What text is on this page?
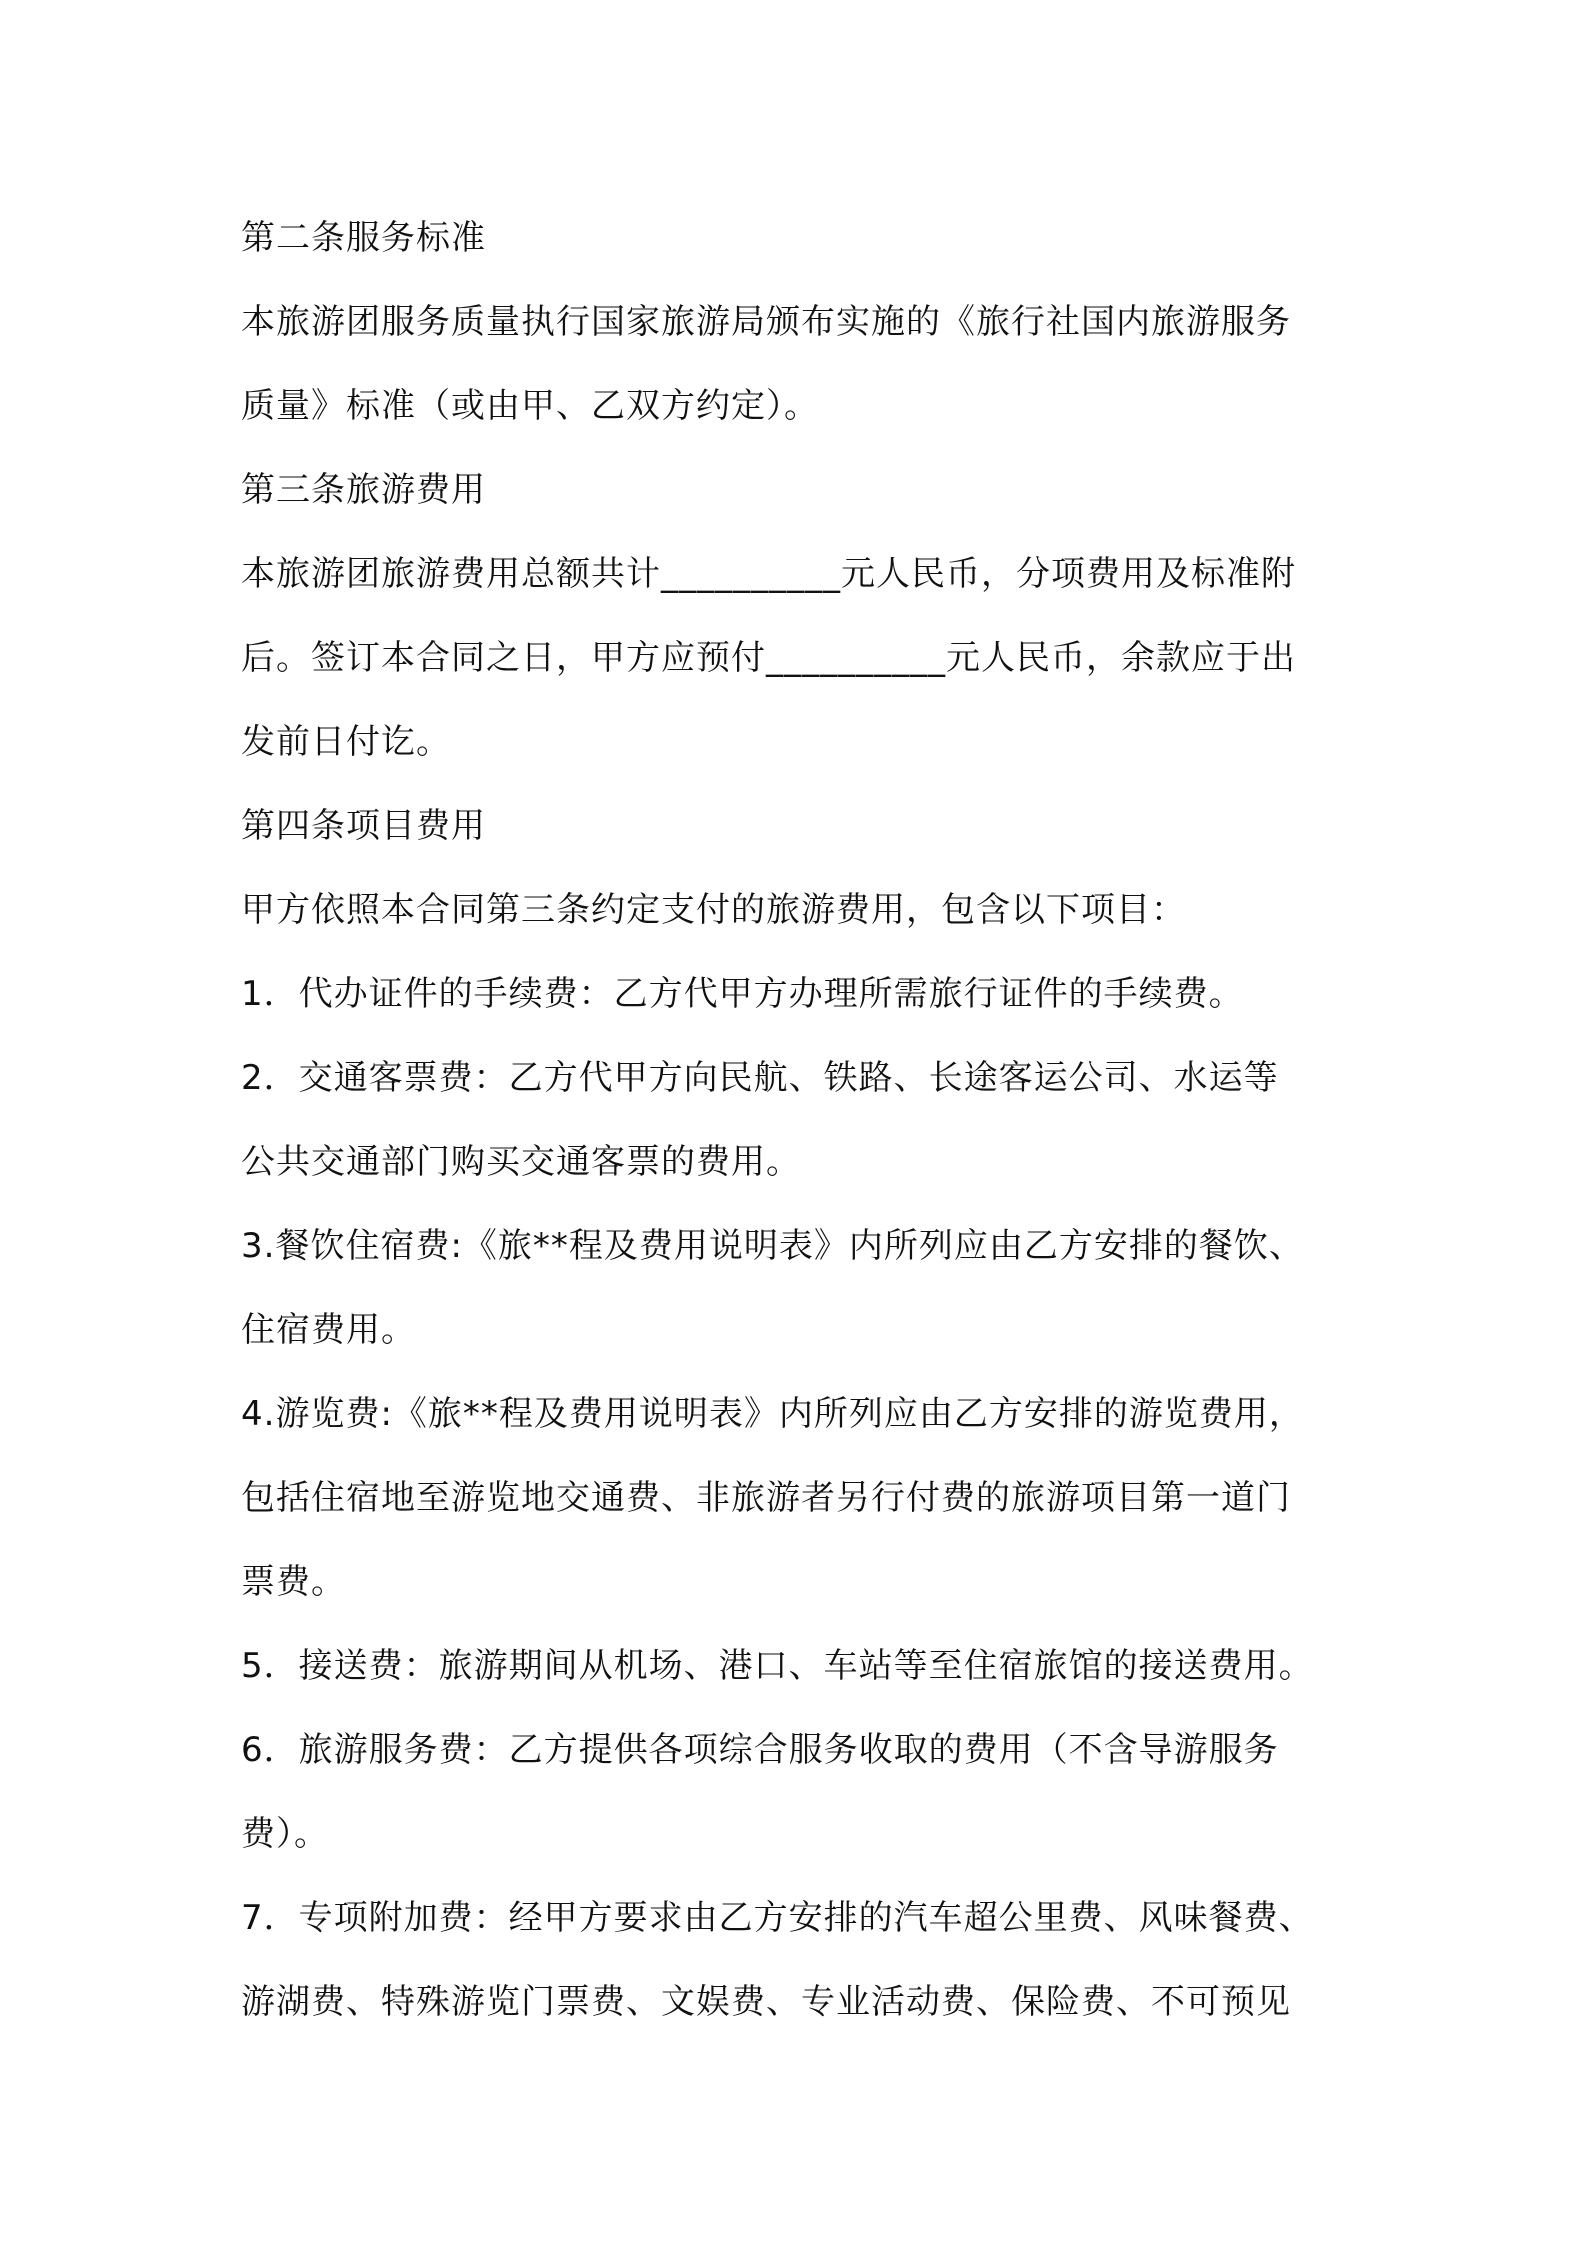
第二条服务标准
本旅游团服务质量执行国家旅游局颁布实施的《旅行社国内旅游服务
质量》标准（或由甲、乙双方约定）。
第三条旅游费用
本旅游团旅游费用总额共计__________元人民币，分项费用及标准附
后。签订本合同之日，甲方应预付__________元人民币，余款应于出
发前日付讫。
第四条项目费用
甲方依照本合同第三条约定支付的旅游费用，包含以下项目：
1．代办证件的手续费：乙方代甲方办理所需旅行证件的手续费。
2．交通客票费：乙方代甲方向民航、铁路、长途客运公司、水运等
公共交通部门购买交通客票的费用。
3.餐饮住宿费:《旅**程及费用说明表》内所列应由乙方安排的餐饮、
住宿费用。
4.游览费:《旅**程及费用说明表》内所列应由乙方安排的游览费用，
包括住宿地至游览地交通费、非旅游者另行付费的旅游项目第一道门
票费。
5．接送费：旅游期间从机场、港口、车站等至住宿旅馆的接送费用。
6．旅游服务费：乙方提供各项综合服务收取的费用（不含导游服务
费）。
7．专项附加费：经甲方要求由乙方安排的汽车超公里费、风味餐费、
游湖费、特殊游览门票费、文娱费、专业活动费、保险费、不可预见
